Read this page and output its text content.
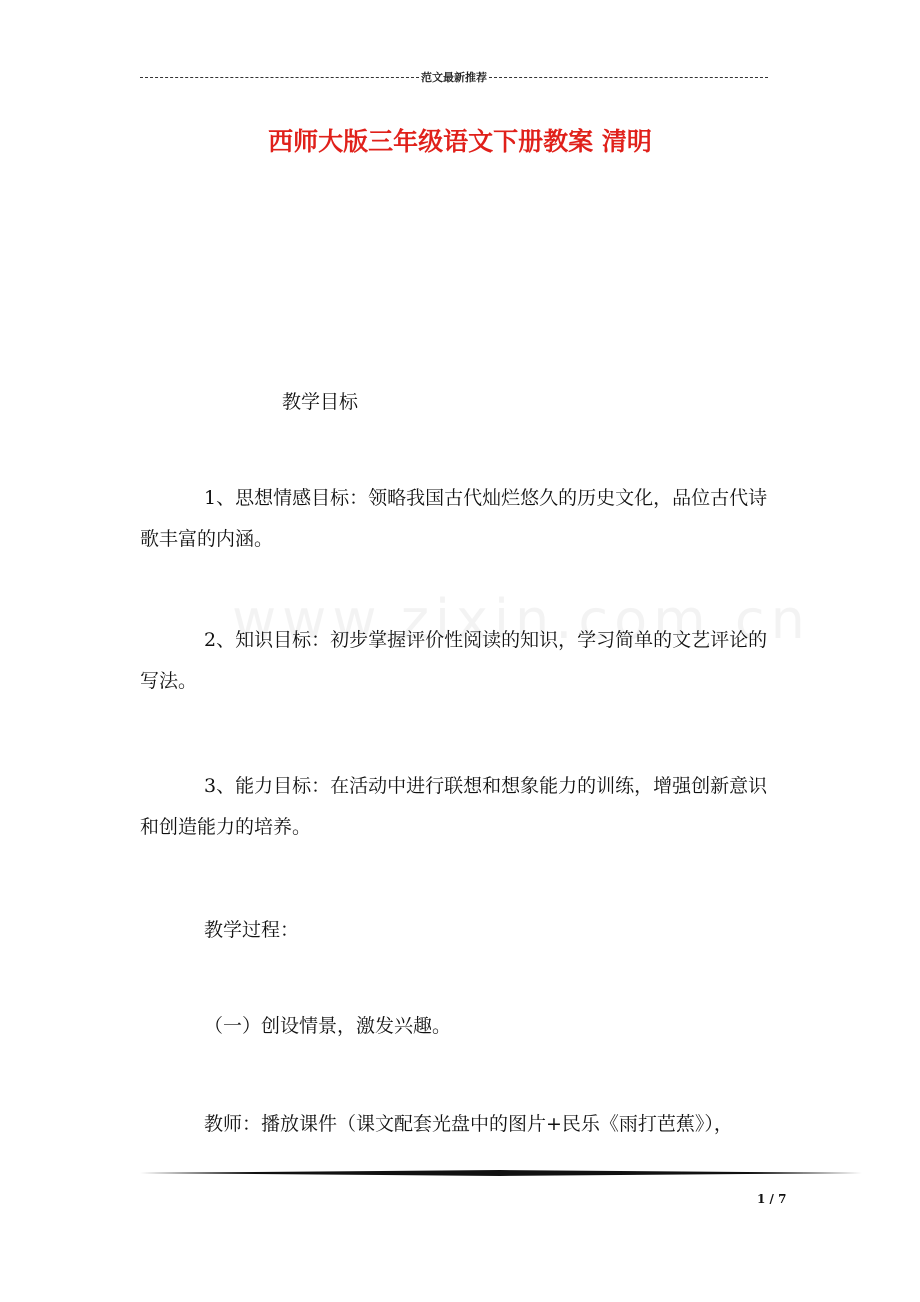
范文最新推荐
西师大版三年级语文下册教案 清明

教学目标

1、思想情感目标：领略我国古代灿烂悠久的历史文化，品位古代诗歌丰富的内涵。

2、知识目标：初步掌握评价性阅读的知识，学习简单的文艺评论的写法。

3、能力目标：在活动中进行联想和想象能力的训练，增强创新意识和创造能力的培养。

教学过程：

（一）创设情景，激发兴趣。

教师：播放课件（课文配套光盘中的图片+民乐《雨打芭蕉》），

1 / 7
